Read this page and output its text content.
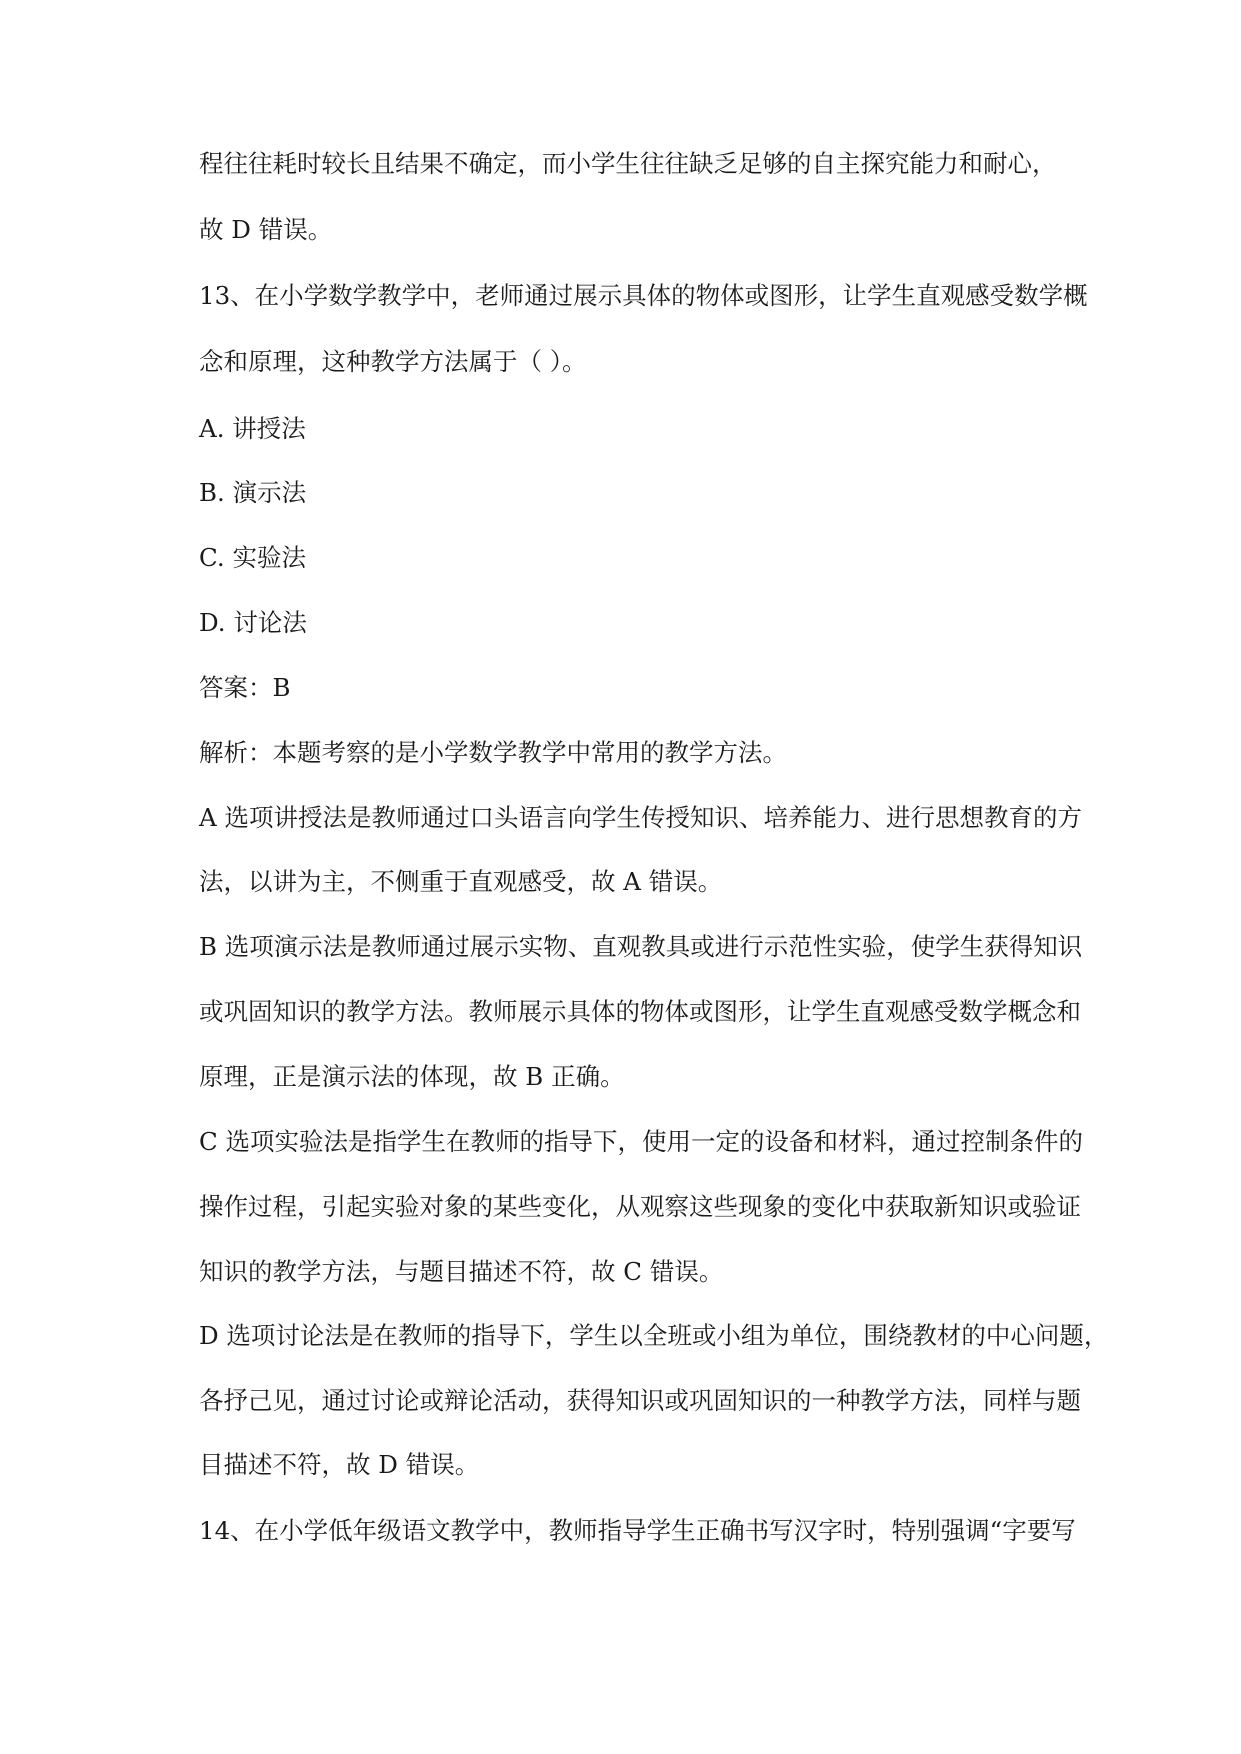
程往往耗时较长且结果不确定，而小学生往往缺乏足够的自主探究能力和耐心，
故 D 错误。
13、在小学数学教学中，老师通过展示具体的物体或图形，让学生直观感受数学概
念和原理，这种教学方法属于（ ）。
A. 讲授法
B. 演示法
C. 实验法
D. 讨论法
答案：B
解析：本题考察的是小学数学教学中常用的教学方法。
A 选项讲授法是教师通过口头语言向学生传授知识、培养能力、进行思想教育的方
法，以讲为主，不侧重于直观感受，故 A 错误。
B 选项演示法是教师通过展示实物、直观教具或进行示范性实验，使学生获得知识
或巩固知识的教学方法。教师展示具体的物体或图形，让学生直观感受数学概念和
原理，正是演示法的体现，故 B 正确。
C 选项实验法是指学生在教师的指导下，使用一定的设备和材料，通过控制条件的
操作过程，引起实验对象的某些变化，从观察这些现象的变化中获取新知识或验证
知识的教学方法，与题目描述不符，故 C 错误。
D 选项讨论法是在教师的指导下，学生以全班或小组为单位，围绕教材的中心问题，
各抒己见，通过讨论或辩论活动，获得知识或巩固知识的一种教学方法，同样与题
目描述不符，故 D 错误。
14、在小学低年级语文教学中，教师指导学生正确书写汉字时，特别强调“字要写
